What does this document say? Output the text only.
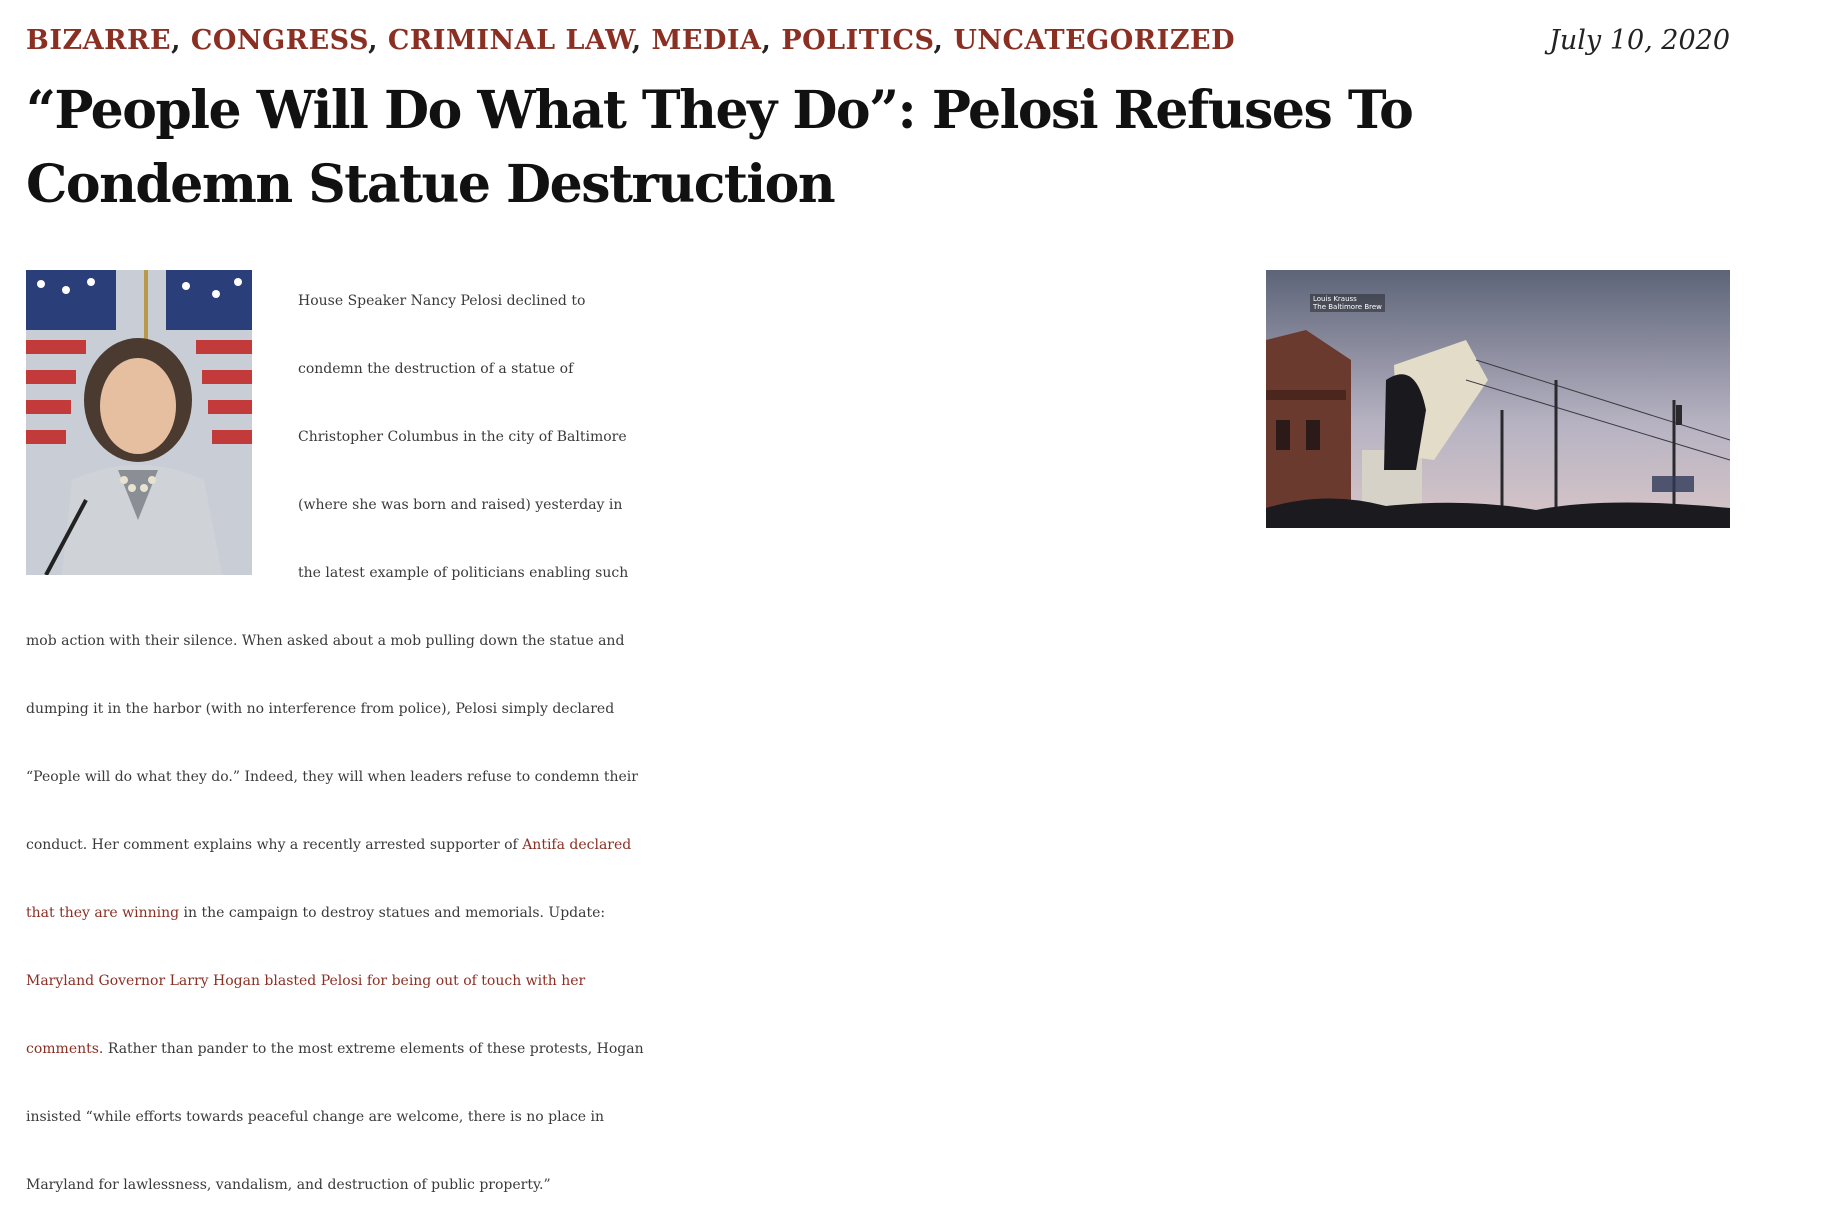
BIZARRE, CONGRESS, CRIMINAL LAW, MEDIA, POLITICS, UNCATEGORIZED	July 10, 2020
“People Will Do What They Do”: Pelosi Refuses To Condemn Statue Destruction
Louis Krauss
The Baltimore Brew
House Speaker Nancy Pelosi declined to
condemn the destruction of a statue of
Christopher Columbus in the city of Baltimore
(where she was born and raised) yesterday in
the latest example of politicians enabling such
mob action with their silence. When asked about a mob pulling down the statue and
dumping it in the harbor (with no interference from police), Pelosi simply declared
“People will do what they do.” Indeed, they will when leaders refuse to condemn their
conduct. Her comment explains why a recently arrested supporter of Antifa declared
that they are winning in the campaign to destroy statues and memorials. Update:
Maryland Governor Larry Hogan blasted Pelosi for being out of touch with her
comments. Rather than pander to the most extreme elements of these protests, Hogan
insisted “while efforts towards peaceful change are welcome, there is no place in
Maryland for lawlessness, vandalism, and destruction of public property.”
